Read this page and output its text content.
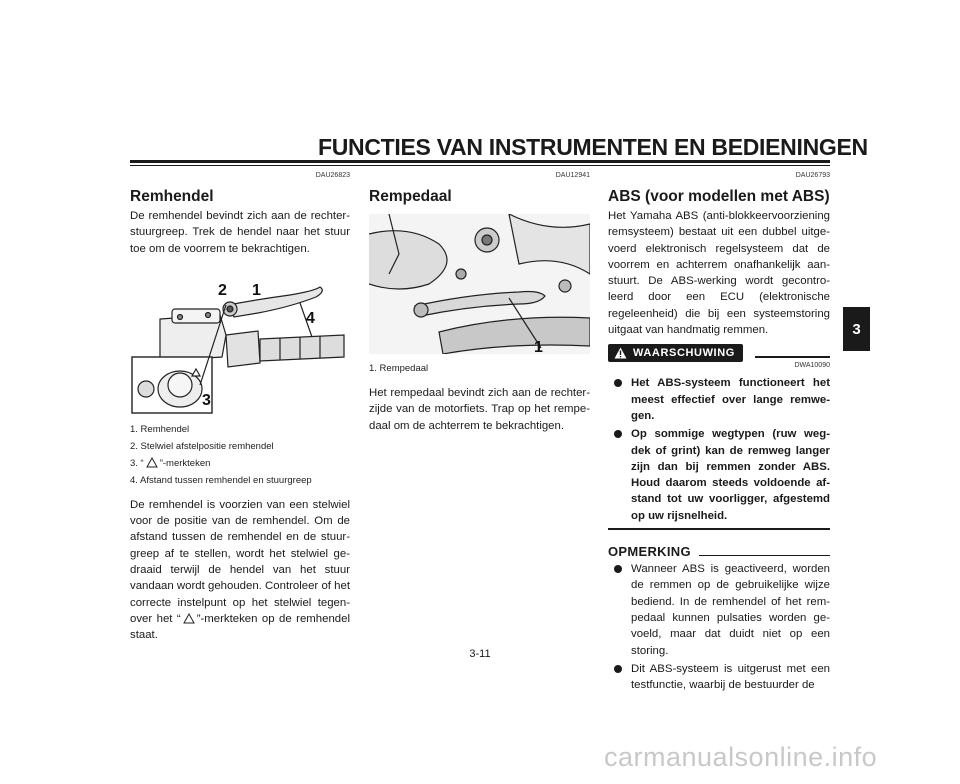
FUNCTIES VAN INSTRUMENTEN EN BEDIENINGEN
3
DAU26823
Remhendel

De remhendel bevindt zich aan de rechter-stuurgreep. Trek de hendel naar het stuur toe om de voorrem te bekrachtigen.

2 1
4
3
1. Remhendel
2. Stelwiel afstelpositie remhendel
3. “ ”-merkteken
4. Afstand tussen remhendel en stuurgreep

De remhendel is voorzien van een stelwiel voor de positie van de remhendel. Om de afstand tussen de remhendel en de stuur-greep af te stellen, wordt het stelwiel ge-draaid terwijl de hendel van het stuur vandaan wordt gehouden. Controleer of het correcte instelpunt op het stelwiel tegen-over het “ ”-merkteken op de remhendel staat.

DAU12941
Rempedaal
1
1. Rempedaal

Het rempedaal bevindt zich aan de rechter-zijde van de motorfiets. Trap op het rempe-daal om de achterrem te bekrachtigen.

DAU26793
ABS (voor modellen met ABS)

Het Yamaha ABS (anti-blokkeervoorziening remsysteem) bestaat uit een dubbel uitge-voerd elektronisch regelsysteem dat de voorrem en achterrem onafhankelijk aan-stuurt. De ABS-werking wordt gecontro-leerd door een ECU (elektronische regeleenheid) die bij een systeemstoring uitgaat van handmatig remmen.

WAARSCHUWING
DWA10090
Het ABS-systeem functioneert het meest effectief over lange remwe-gen.
Op sommige wegtypen (ruw weg-dek of grint) kan de remweg langer zijn dan bij remmen zonder ABS. Houd daarom steeds voldoende af-stand tot uw voorligger, afgestemd op uw rijsnelheid.
OPMERKING
Wanneer ABS is geactiveerd, worden de remmen op de gebruikelijke wijze bediend. In de remhendel of het rem-pedaal kunnen pulsaties worden ge-voeld, maar dat duidt niet op een storing.
Dit ABS-systeem is uitgerust met een testfunctie, waarbij de bestuurder de
3-11
carmanualsonline.info
